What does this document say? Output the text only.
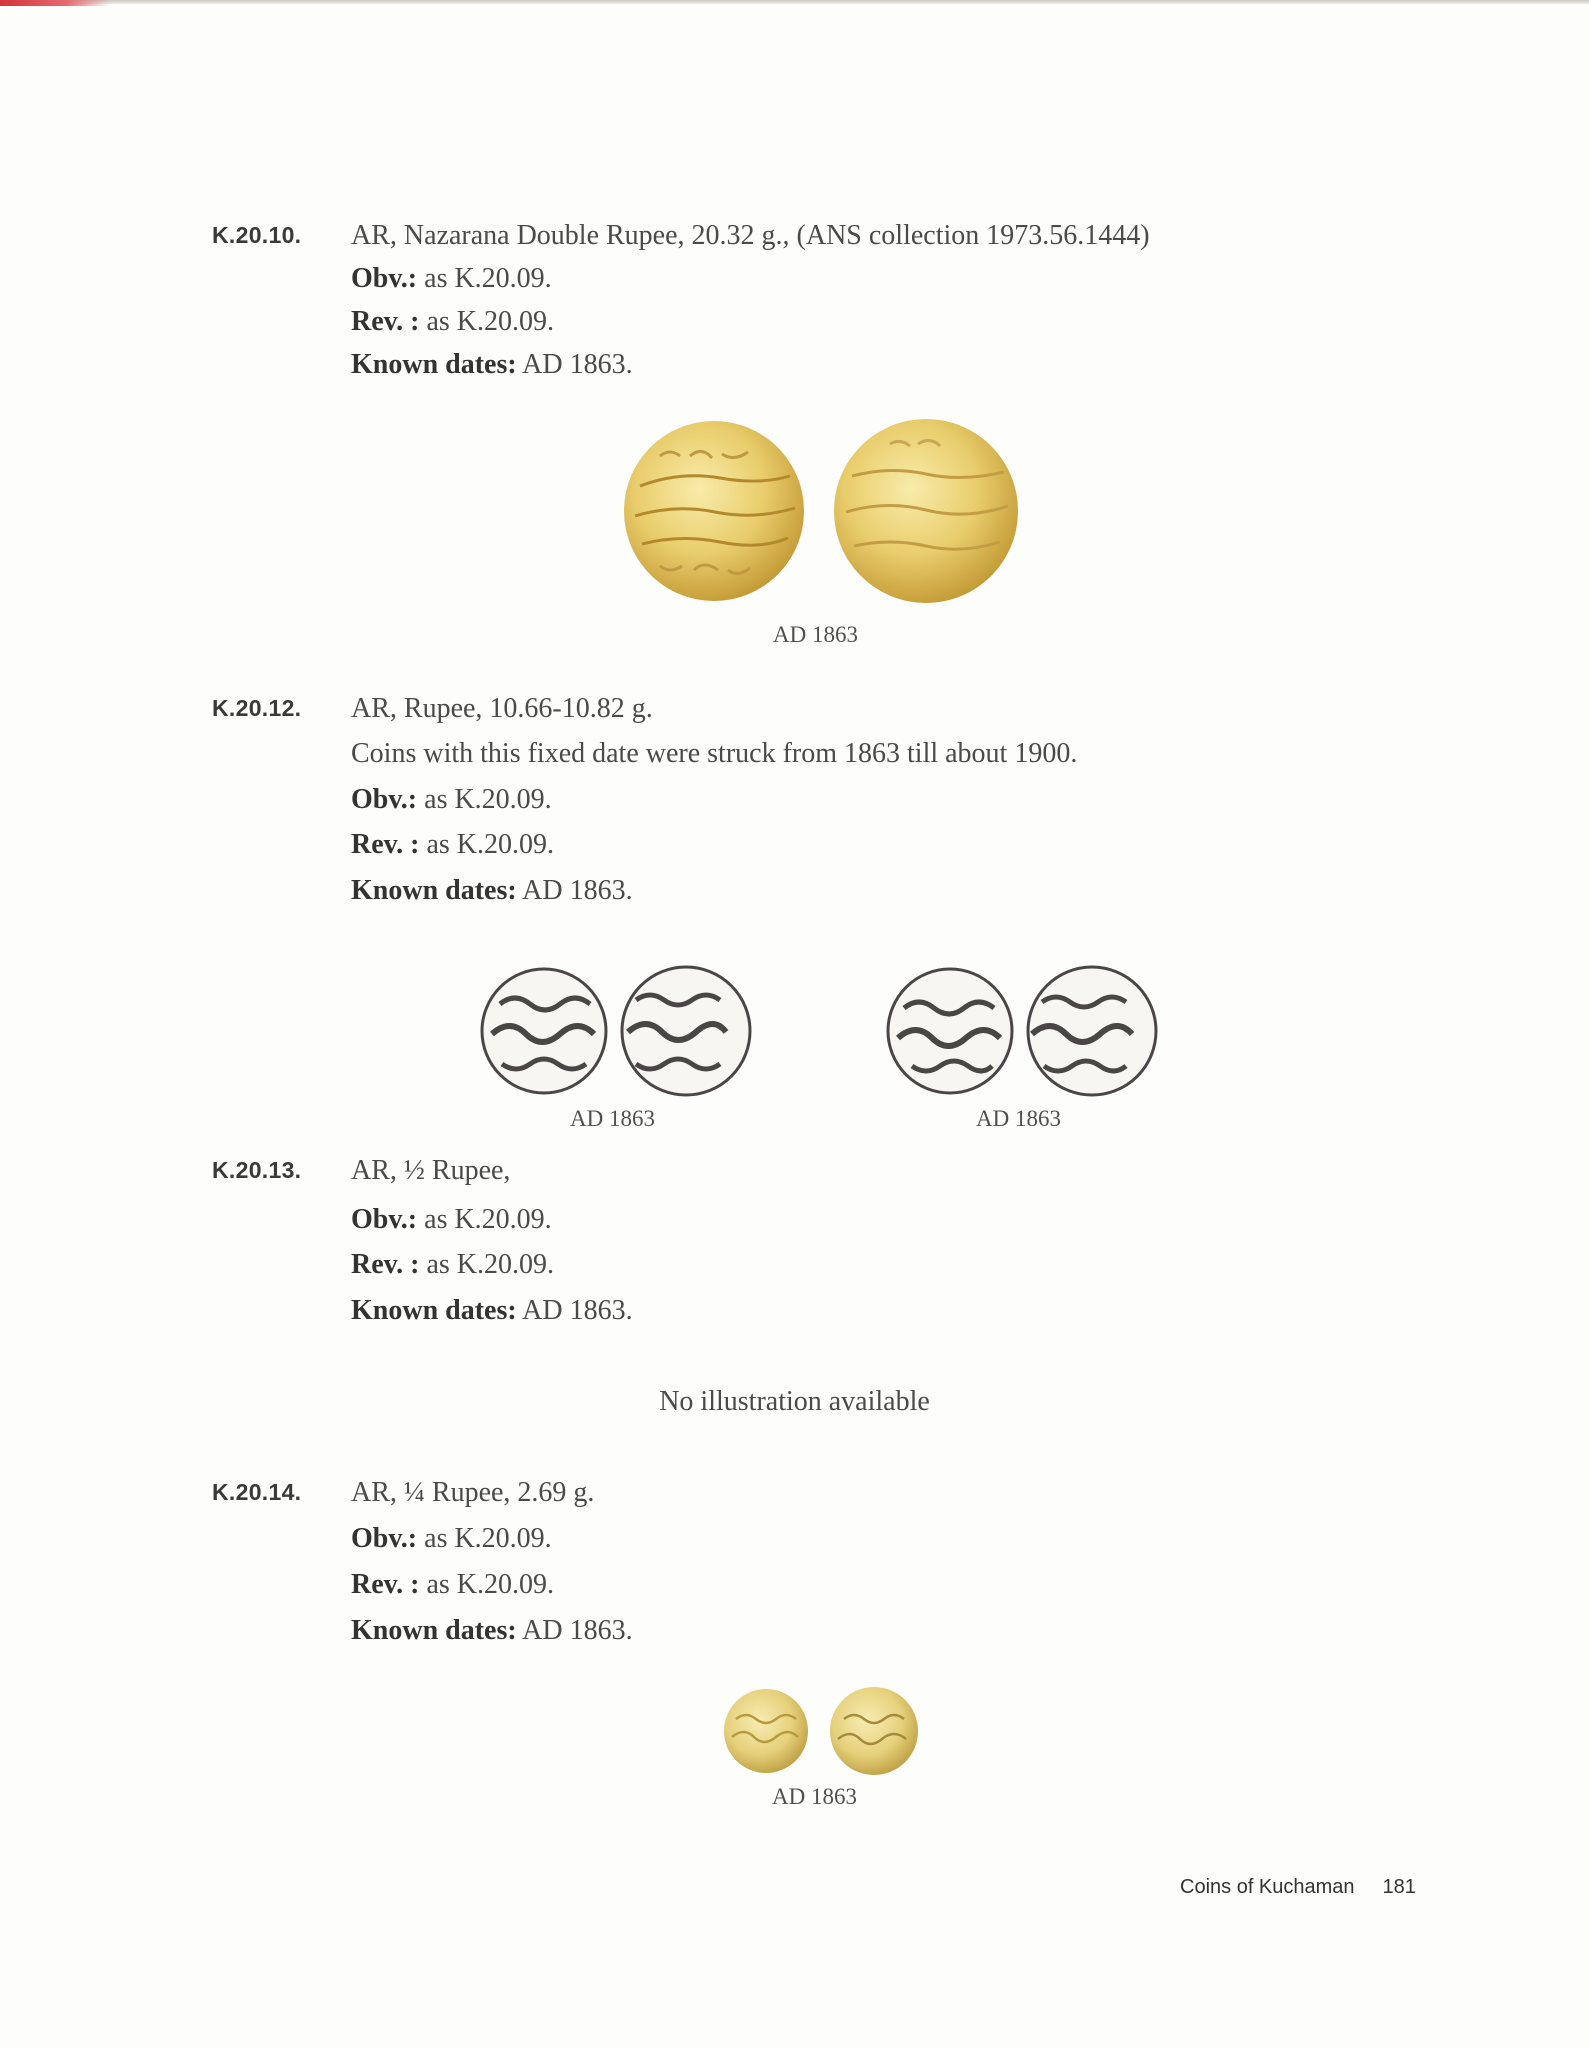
K.20.10. AR, Nazarana Double Rupee, 20.32 g., (ANS collection 1973.56.1444)
Obv.: as K.20.09.
Rev. : as K.20.09.
Known dates: AD 1863.
AD 1863
K.20.12. AR, Rupee, 10.66-10.82 g.
Coins with this fixed date were struck from 1863 till about 1900.
Obv.: as K.20.09.
Rev. : as K.20.09.
Known dates: AD 1863.
AD 1863	AD 1863
K.20.13. AR, ½ Rupee,
Obv.: as K.20.09.
Rev. : as K.20.09.
Known dates: AD 1863.
No illustration available
K.20.14. AR, ¼ Rupee, 2.69 g.
Obv.: as K.20.09.
Rev. : as K.20.09.
Known dates: AD 1863.
AD 1863
Coins of Kuchaman 181
